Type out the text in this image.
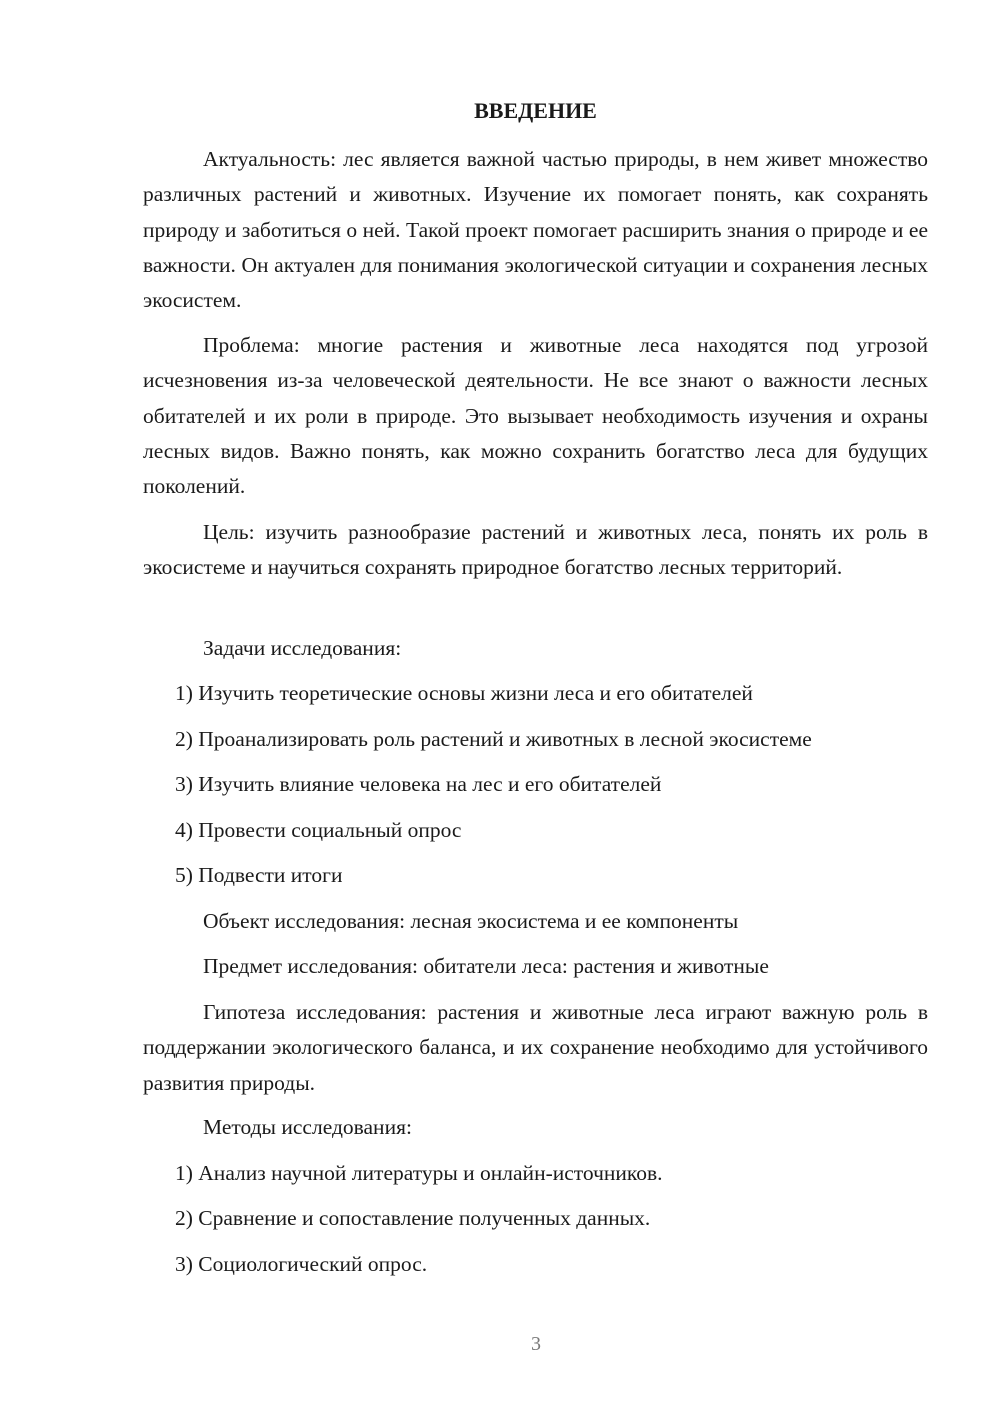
ВВЕДЕНИЕ

Актуальность: лес является важной частью природы, в нем живет множество различных растений и животных. Изучение их помогает понять, как сохранять природу и заботиться о ней. Такой проект помогает расширить знания о природе и ее важности. Он актуален для понимания экологической ситуации и сохранения лесных экосистем.

Проблема: многие растения и животные леса находятся под угрозой исчезновения из-за человеческой деятельности. Не все знают о важности лесных обитателей и их роли в природе. Это вызывает необходимость изучения и охраны лесных видов. Важно понять, как можно сохранить богатство леса для будущих поколений.

Цель: изучить разнообразие растений и животных леса, понять их роль в экосистеме и научиться сохранять природное богатство лесных территорий.

Задачи исследования:

1) Изучить теоретические основы жизни леса и его обитателей

2) Проанализировать роль растений и животных в лесной экосистеме

3) Изучить влияние человека на лес и его обитателей

4) Провести социальный опрос

5) Подвести итоги

Объект исследования: лесная экосистема и ее компоненты

Предмет исследования: обитатели леса: растения и животные

Гипотеза исследования: растения и животные леса играют важную роль в поддержании экологического баланса, и их сохранение необходимо для устойчивого развития природы.

Методы исследования:

1) Анализ научной литературы и онлайн-источников.

2) Сравнение и сопоставление полученных данных.

3) Социологический опрос.

3
